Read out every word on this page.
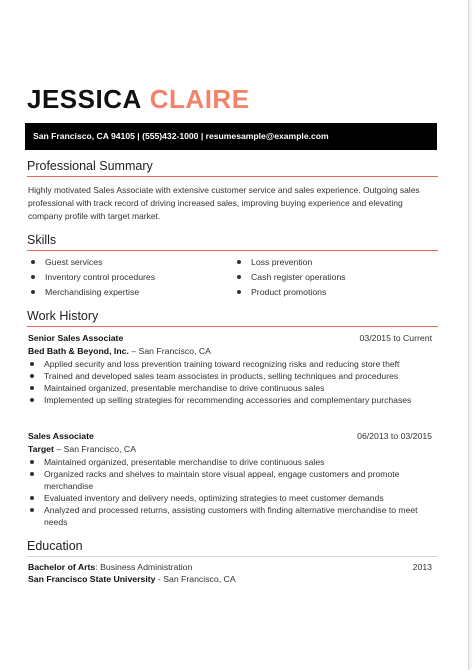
JESSICA CLAIRE
San Francisco, CA 94105 | (555)432-1000 | resumesample@example.com
Professional Summary
Highly motivated Sales Associate with extensive customer service and sales experience. Outgoing sales professional with track record of driving increased sales, improving buying experience and elevating company profile with target market.
Skills
Guest services
Inventory control procedures
Merchandising expertise
Loss prevention
Cash register operations
Product promotions
Work History
Senior Sales Associate	03/2015 to Current
Bed Bath & Beyond, Inc. – San Francisco, CA
Applied security and loss prevention training toward recognizing risks and reducing store theft
Trained and developed sales team associates in products, selling techniques and procedures
Maintained organized, presentable merchandise to drive continuous sales
Implemented up selling strategies for recommending accessories and complementary purchases
Sales Associate	06/2013 to 03/2015
Target – San Francisco, CA
Maintained organized, presentable merchandise to drive continuous sales
Organized racks and shelves to maintain store visual appeal, engage customers and promote merchandise
Evaluated inventory and delivery needs, optimizing strategies to meet customer demands
Analyzed and processed returns, assisting customers with finding alternative merchandise to meet needs
Education
Bachelor of Arts: Business Administration	2013
San Francisco State University - San Francisco, CA
